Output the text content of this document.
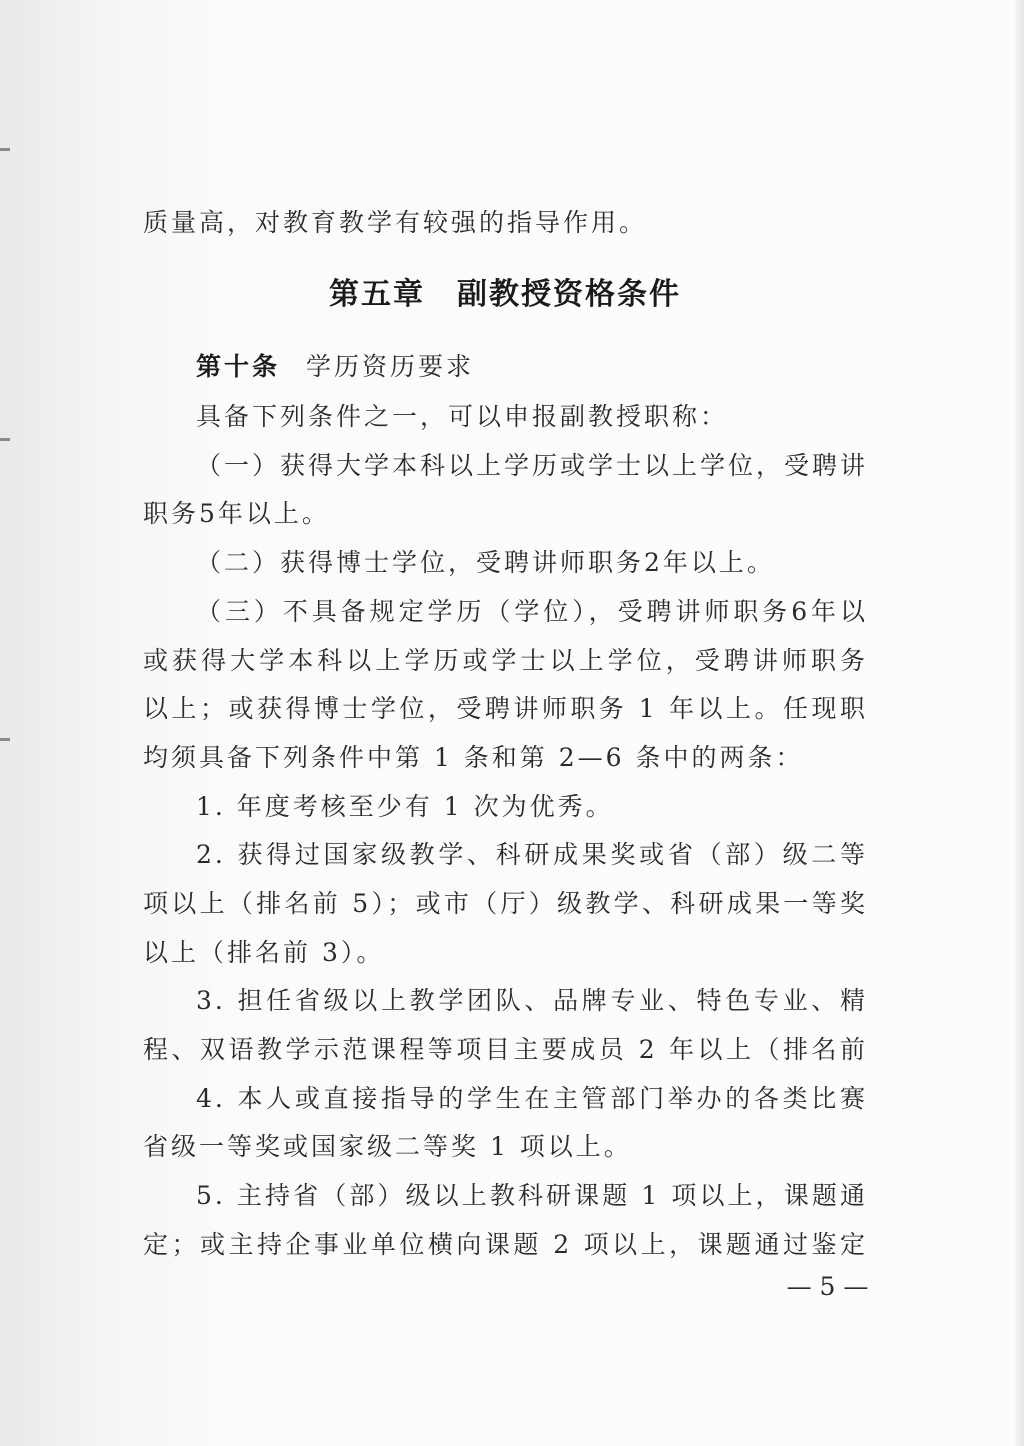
质量高，对教育教学有较强的指导作用。
第五章　副教授资格条件
第十条 学历资历要求
具备下列条件之一，可以申报副教授职称：
（一）获得大学本科以上学历或学士以上学位，受聘讲
职务5年以上。
（二）获得博士学位，受聘讲师职务2年以上。
（三）不具备规定学历（学位），受聘讲师职务6年以
或获得大学本科以上学历或学士以上学位，受聘讲师职务
以上；或获得博士学位，受聘讲师职务 1 年以上。任现职
均须具备下列条件中第 1 条和第 2—6 条中的两条：
1. 年度考核至少有 1 次为优秀。
2. 获得过国家级教学、科研成果奖或省（部）级二等
项以上（排名前 5）；或市（厅）级教学、科研成果一等奖
以上（排名前 3）。
3. 担任省级以上教学团队、品牌专业、特色专业、精
程、双语教学示范课程等项目主要成员 2 年以上（排名前
4. 本人或直接指导的学生在主管部门举办的各类比赛
省级一等奖或国家级二等奖 1 项以上。
5. 主持省（部）级以上教科研课题 1 项以上，课题通
定；或主持企事业单位横向课题 2 项以上，课题通过鉴定
— 5 —
